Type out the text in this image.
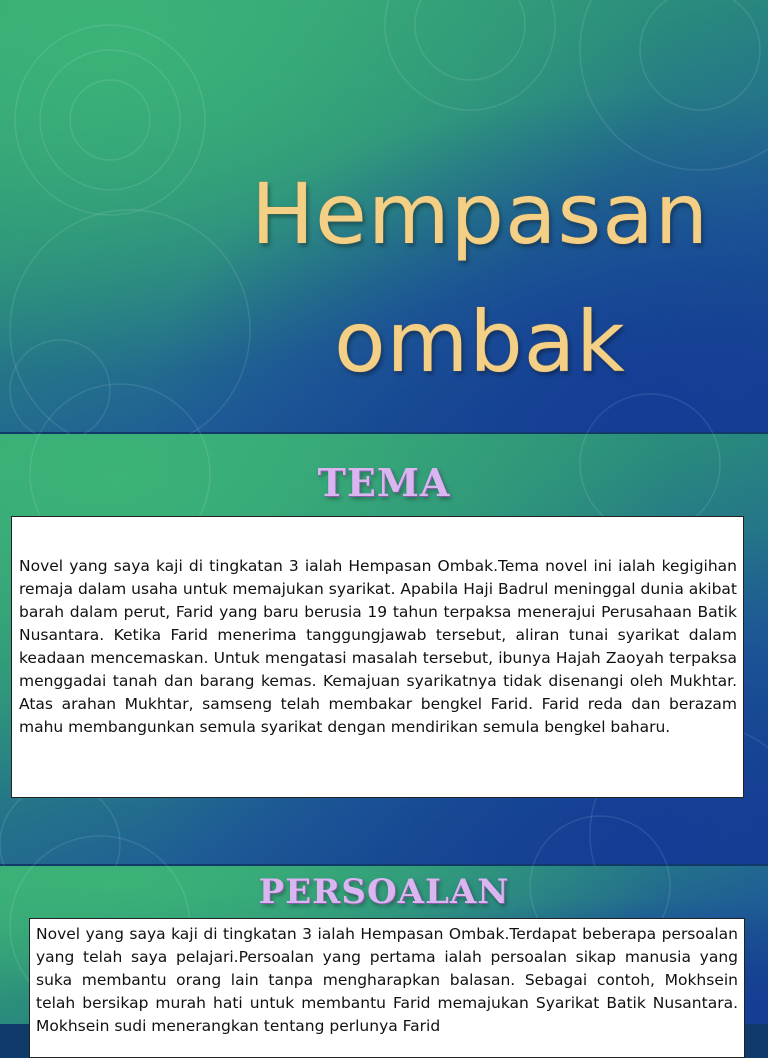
Hempasan
ombak
TEMA
Novel yang saya kaji di tingkatan 3 ialah Hempasan Ombak.Tema novel ini ialah kegigihan remaja dalam usaha untuk memajukan syarikat. Apabila Haji Badrul meninggal dunia akibat barah dalam perut, Farid yang baru berusia 19 tahun terpaksa menerajui Perusahaan Batik Nusantara. Ketika Farid menerima tanggungjawab tersebut, aliran tunai syarikat dalam keadaan mencemaskan. Untuk mengatasi masalah tersebut, ibunya Hajah Zaoyah terpaksa menggadai tanah dan barang kemas. Kemajuan syarikatnya tidak disenangi oleh Mukhtar. Atas arahan Mukhtar, samseng telah membakar bengkel Farid. Farid reda dan berazam mahu membangunkan semula syarikat dengan mendirikan semula bengkel baharu.
PERSOALAN
Novel yang saya kaji di tingkatan 3 ialah Hempasan Ombak.Terdapat beberapa persoalan yang telah saya pelajari.Persoalan yang pertama ialah persoalan sikap manusia yang suka membantu orang lain tanpa mengharapkan balasan. Sebagai contoh, Mokhsein telah bersikap murah hati untuk membantu Farid memajukan Syarikat Batik Nusantara. Mokhsein sudi menerangkan tentang perlunya Farid
